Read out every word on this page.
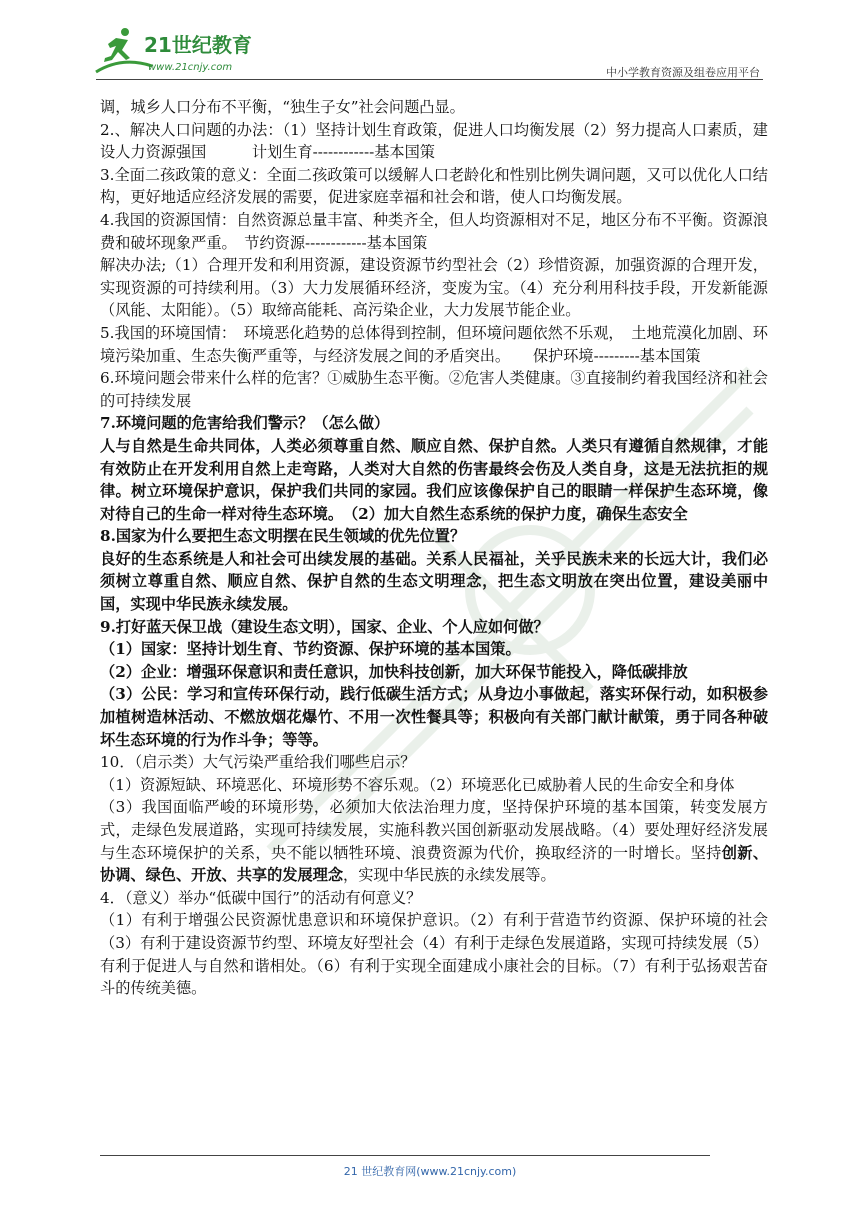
21世纪教育
www.21cnjy.com	中小学教育资源及组卷应用平台

调，城乡人口分布不平衡，“独生子女”社会问题凸显。

2.、解决人口问题的办法：（1）坚持计划生育政策，促进人口均衡发展（2）努力提高人口素质，建设人力资源强国　　　计划生育------------基本国策

3.全面二孩政策的意义：全面二孩政策可以缓解人口老龄化和性别比例失调问题，又可以优化人口结构，更好地适应经济发展的需要，促进家庭幸福和社会和谐，使人口均衡发展。

4.我国的资源国情：自然资源总量丰富、种类齐全，但人均资源相对不足，地区分布不平衡。资源浪费和破坏现象严重。　节约资源------------基本国策

解决办法;（1）合理开发和利用资源，建设资源节约型社会（2）珍惜资源，加强资源的合理开发，实现资源的可持续利用。（3）大力发展循环经济，变废为宝。（4）充分利用科技手段，开发新能源（风能、太阳能）。（5）取缔高能耗、高污染企业，大力发展节能企业。

5.我国的环境国情：　环境恶化趋势的总体得到控制，但环境问题依然不乐观，　土地荒漠化加剧、环境污染加重、生态失衡严重等，与经济发展之间的矛盾突出。　　保护环境---------基本国策

6.环境问题会带来什么样的危害？①威胁生态平衡。②危害人类健康。③直接制约着我国经济和社会的可持续发展

7.环境问题的危害给我们警示？（怎么做）

人与自然是生命共同体，人类必须尊重自然、顺应自然、保护自然。人类只有遵循自然规律，才能有效防止在开发利用自然上走弯路，人类对大自然的伤害最终会伤及人类自身，这是无法抗拒的规律。树立环境保护意识，保护我们共同的家园。我们应该像保护自己的眼睛一样保护生态环境，像对待自己的生命一样对待生态环境。　（2）加大自然生态系统的保护力度，确保生态安全

8.国家为什么要把生态文明摆在民生领域的优先位置？

良好的生态系统是人和社会可出续发展的基础。关系人民福祉，关乎民族未来的长远大计，我们必须树立尊重自然、顺应自然、保护自然的生态文明理念，把生态文明放在突出位置，建设美丽中国，实现中华民族永续发展。

9.打好蓝天保卫战（建设生态文明），国家、企业、个人应如何做？

（1）国家：坚持计划生育、节约资源、保护环境的基本国策。

（2）企业：增强环保意识和责任意识，加快科技创新，加大环保节能投入，降低碳排放

（3）公民：学习和宣传环保行动，践行低碳生活方式；从身边小事做起，落实环保行动，如积极参加植树造林活动、不燃放烟花爆竹、不用一次性餐具等；积极向有关部门献计献策，勇于同各种破坏生态环境的行为作斗争；等等。

10．（启示类）大气污染严重给我们哪些启示？

（1）资源短缺、环境恶化、环境形势不容乐观。（2）环境恶化已威胁着人民的生命安全和身体

（3）我国面临严峻的环境形势，必须加大依法治理力度，坚持保护环境的基本国策，转变发展方式，走绿色发展道路，实现可持续发展，实施科教兴国创新驱动发展战略。（4）要处理好经济发展与生态环境保护的关系，央不能以牺牲环境、浪费资源为代价，换取经济的一时增长。坚持创新、协调、绿色、开放、共享的发展理念，实现中华民族的永续发展等。

4．（意义）举办“低碳中国行”的活动有何意义？

（1）有利于增强公民资源忧患意识和环境保护意识。（2）有利于营造节约资源、保护环境的社会（3）有利于建设资源节约型、环境友好型社会（4）有利于走绿色发展道路，实现可持续发展（5）有利于促进人与自然和谐相处。（6）有利于实现全面建成小康社会的目标。（7）有利于弘扬艰苦奋斗的传统美德。

21 世纪教育网(www.21cnjy.com)
